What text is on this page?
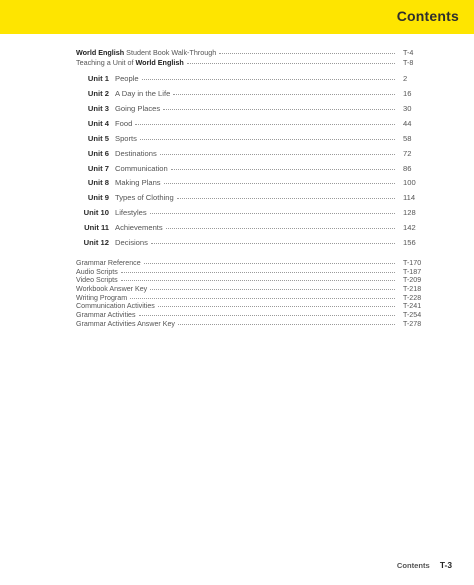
Contents
World English Student Book Walk-Through	T-4
Teaching a Unit of World English	T-8
Unit 1 People	2
Unit 2 A Day in the Life	16
Unit 3 Going Places	30
Unit 4 Food	44
Unit 5 Sports	58
Unit 6 Destinations	72
Unit 7 Communication	86
Unit 8 Making Plans	100
Unit 9 Types of Clothing	114
Unit 10 Lifestyles	128
Unit 11 Achievements	142
Unit 12 Decisions	156
Grammar Reference	T-170
Audio Scripts	T-187
Video Scripts	T-209
Workbook Answer Key	T-218
Writing Program	T-228
Communication Activities	T-241
Grammar Activities	T-254
Grammar Activities Answer Key	T-278
Contents T-3
